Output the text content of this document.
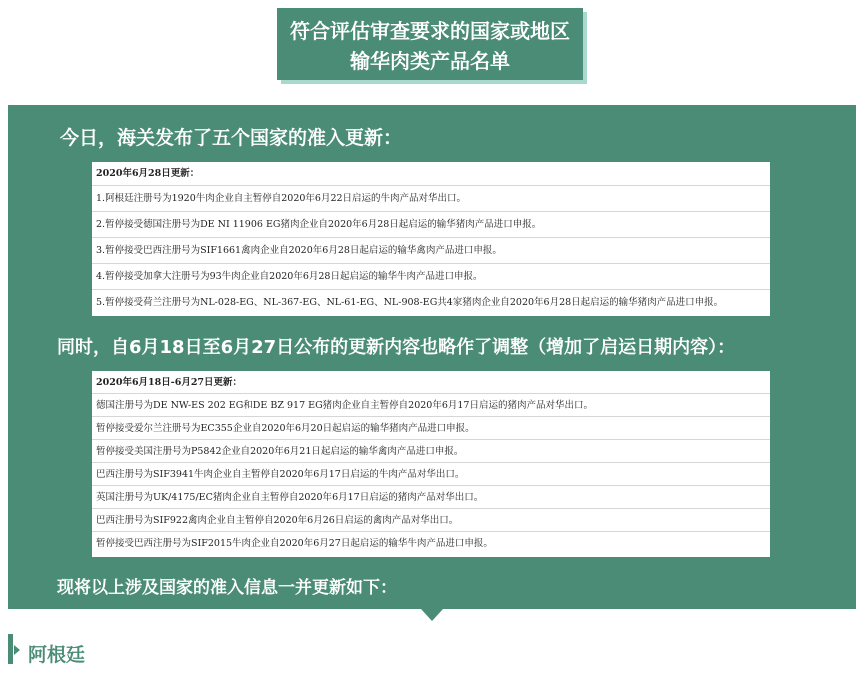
符合评估审查要求的国家或地区
输华肉类产品名单
今日，海关发布了五个国家的准入更新：
2020年6月28日更新：
1.阿根廷注册号为1920牛肉企业自主暂停自2020年6月22日启运的牛肉产品对华出口。
2.暂停接受德国注册号为DE NI 11906 EG猪肉企业自2020年6月28日起启运的输华猪肉产品进口申报。
3.暂停接受巴西注册号为SIF1661禽肉企业自2020年6月28日起启运的输华禽肉产品进口申报。
4.暂停接受加拿大注册号为93牛肉企业自2020年6月28日起启运的输华牛肉产品进口申报。
5.暂停接受荷兰注册号为NL-028-EG、NL-367-EG、NL-61-EG、NL-908-EG共4家猪肉企业自2020年6月28日起启运的输华猪肉产品进口申报。
同时，自6月18日至6月27日公布的更新内容也略作了调整（增加了启运日期内容）：
2020年6月18日-6月27日更新：
德国注册号为DE NW-ES 202 EG和DE BZ 917 EG猪肉企业自主暂停自2020年6月17日启运的猪肉产品对华出口。
暂停接受爱尔兰注册号为EC355企业自2020年6月20日起启运的输华猪肉产品进口申报。
暂停接受美国注册号为P5842企业自2020年6月21日起启运的输华禽肉产品进口申报。
巴西注册号为SIF3941牛肉企业自主暂停自2020年6月17日启运的牛肉产品对华出口。
英国注册号为UK/4175/EC猪肉企业自主暂停自2020年6月17日启运的猪肉产品对华出口。
巴西注册号为SIF922禽肉企业自主暂停自2020年6月26日启运的禽肉产品对华出口。
暂停接受巴西注册号为SIF2015牛肉企业自2020年6月27日起启运的输华牛肉产品进口申报。
现将以上涉及国家的准入信息一并更新如下：
阿根廷
